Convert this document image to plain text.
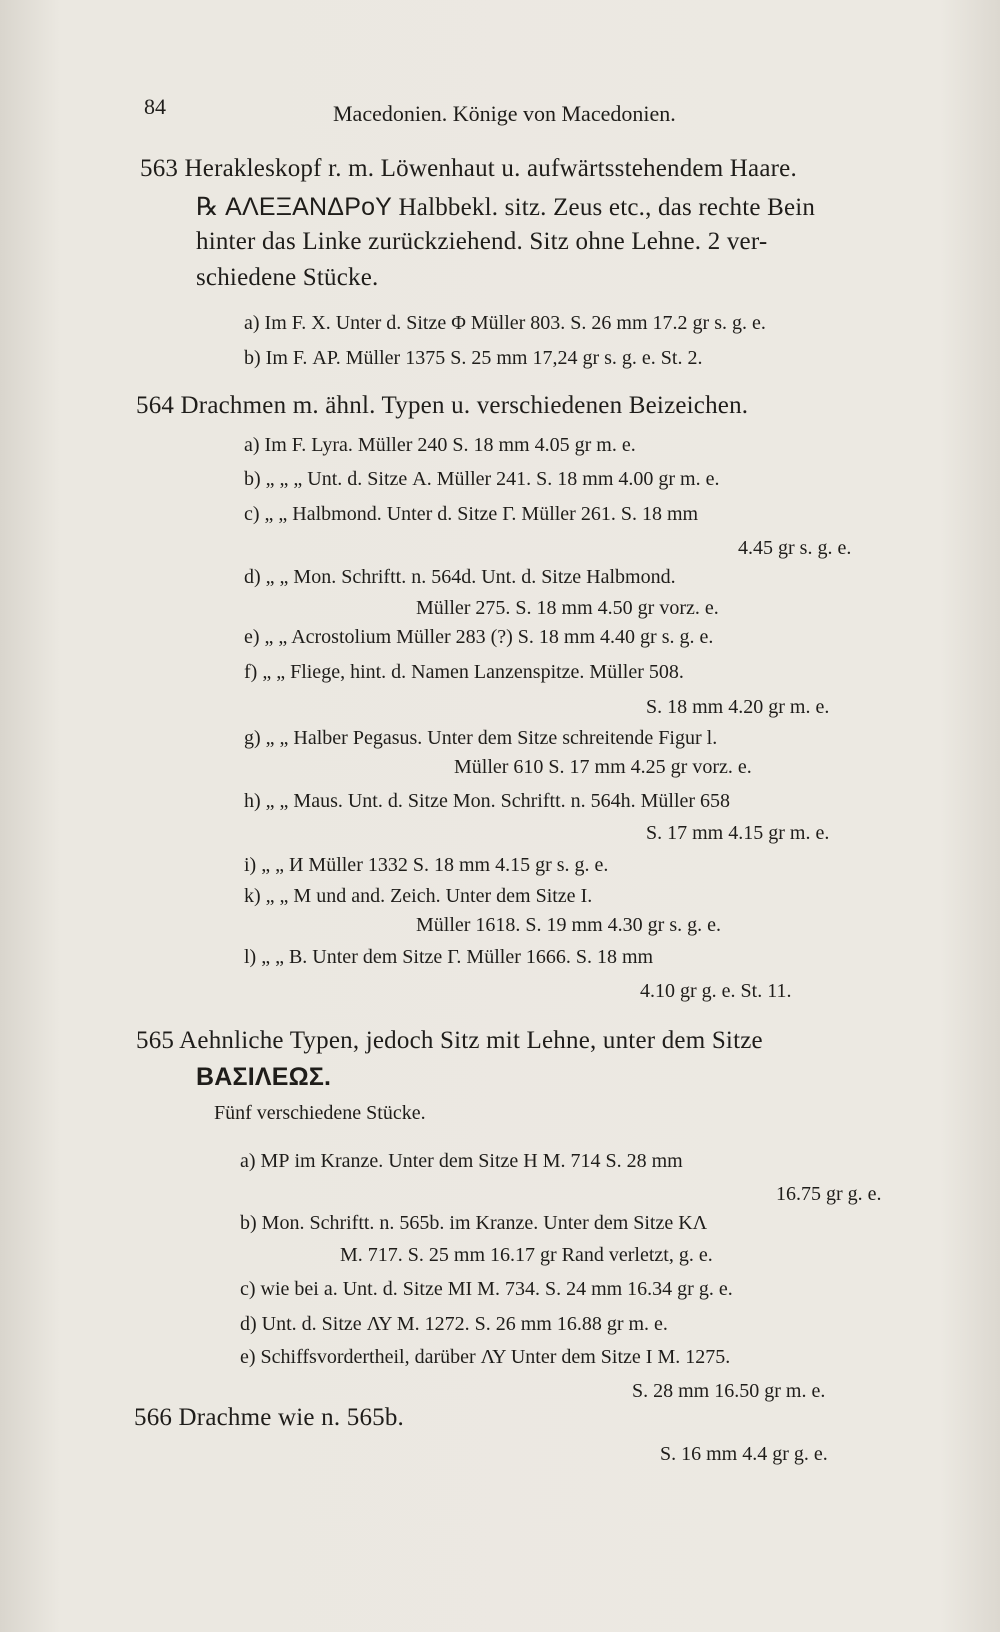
84	Macedonien. Könige von Macedonien.
563 Herakleskopf r. m. Löwenhaut u. aufwärtsstehendem Haare.
℞ ΑΛΕΞΑΝΔΡοΥ Halbbekl. sitz. Zeus etc., das rechte Bein
hinter das Linke zurückziehend. Sitz ohne Lehne. 2 ver-
schiedene Stücke.
a) Im F. Χ. Unter d. Sitze Φ Müller 803. S. 26 mm 17.2 gr s. g. e.
b) Im F. ΑΡ. Müller 1375 S. 25 mm 17,24 gr s. g. e. St. 2.
564 Drachmen m. ähnl. Typen u. verschiedenen Beizeichen.
a) Im F. Lyra. Müller 240 S. 18 mm 4.05 gr m. e.
b) „ „ „ Unt. d. Sitze Α. Müller 241. S. 18 mm 4.00 gr m. e.
c) „ „ Halbmond. Unter d. Sitze Γ. Müller 261. S. 18 mm
4.45 gr s. g. e.
d) „ „ Mon. Schriftt. n. 564d. Unt. d. Sitze Halbmond.
Müller 275. S. 18 mm 4.50 gr vorz. e.
e) „ „ Acrostolium Müller 283 (?) S. 18 mm 4.40 gr s. g. e.
f) „ „ Fliege, hint. d. Namen Lanzenspitze. Müller 508.
S. 18 mm 4.20 gr m. e.
g) „ „ Halber Pegasus. Unter dem Sitze schreitende Figur l.
Müller 610 S. 17 mm 4.25 gr vorz. e.
h) „ „ Maus. Unt. d. Sitze Mon. Schriftt. n. 564h. Müller 658
S. 17 mm 4.15 gr m. e.
i) „ „ И Müller 1332 S. 18 mm 4.15 gr s. g. e.
k) „ „ Μ und and. Zeich. Unter dem Sitze Ι.
Müller 1618. S. 19 mm 4.30 gr s. g. e.
l) „ „ Β. Unter dem Sitze Γ. Müller 1666. S. 18 mm
4.10 gr g. e. St. 11.
565 Aehnliche Typen, jedoch Sitz mit Lehne, unter dem Sitze
ΒΑΣΙΛΕΩΣ.
Fünf verschiedene Stücke.
a) ΜΡ im Kranze. Unter dem Sitze Η M. 714 S. 28 mm
16.75 gr g. e.
b) Mon. Schriftt. n. 565b. im Kranze. Unter dem Sitze ΚΛ
M. 717. S. 25 mm 16.17 gr Rand verletzt, g. e.
c) wie bei a. Unt. d. Sitze ΜΙ M. 734. S. 24 mm 16.34 gr g. e.
d) Unt. d. Sitze ΛΥ M. 1272. S. 26 mm 16.88 gr m. e.
e) Schiffsvordertheil, darüber ΛΥ Unter dem Sitze Ι M. 1275.
S. 28 mm 16.50 gr m. e.
566 Drachme wie n. 565b.
S. 16 mm 4.4 gr g. e.
